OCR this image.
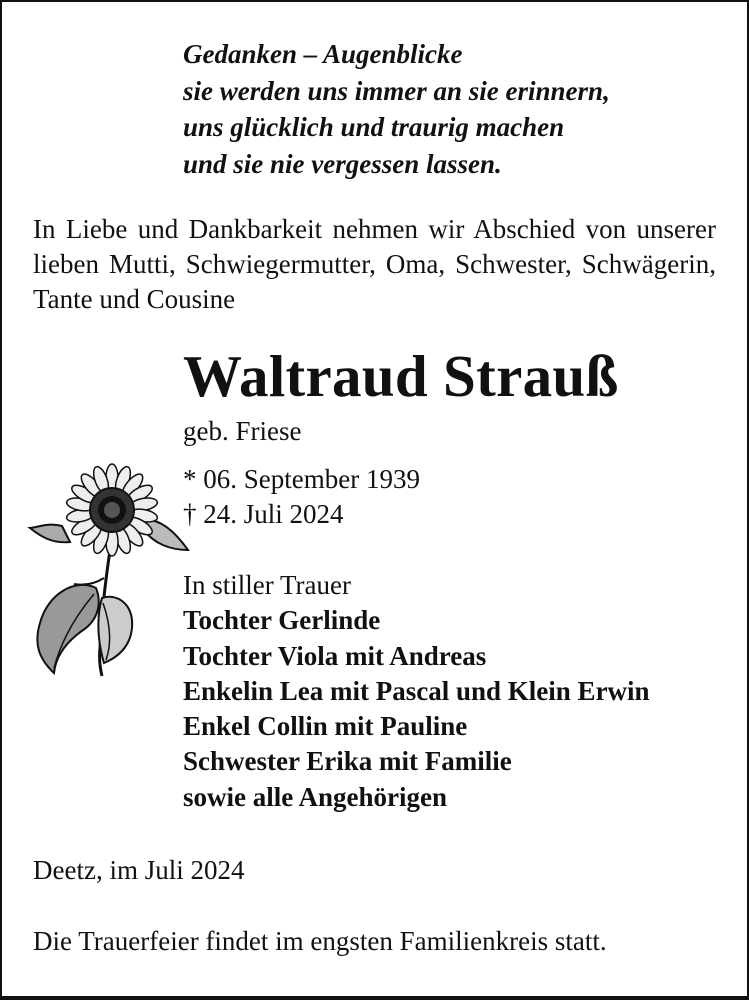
Gedanken – Augenblicke
sie werden uns immer an sie erinnern,
uns glücklich und traurig machen
und sie nie vergessen lassen.
In Liebe und Dankbarkeit nehmen wir Abschied von unserer lieben Mutti, Schwiegermutter, Oma, Schwester, Schwägerin, Tante und Cousine
Waltraud Strauß
geb. Friese
* 06. September 1939
† 24. Juli 2024
In stiller Trauer
Tochter Gerlinde
Tochter Viola mit Andreas
Enkelin Lea mit Pascal und Klein Erwin
Enkel Collin mit Pauline
Schwester Erika mit Familie
sowie alle Angehörigen
Deetz, im Juli 2024
Die Trauerfeier findet im engsten Familienkreis statt.
